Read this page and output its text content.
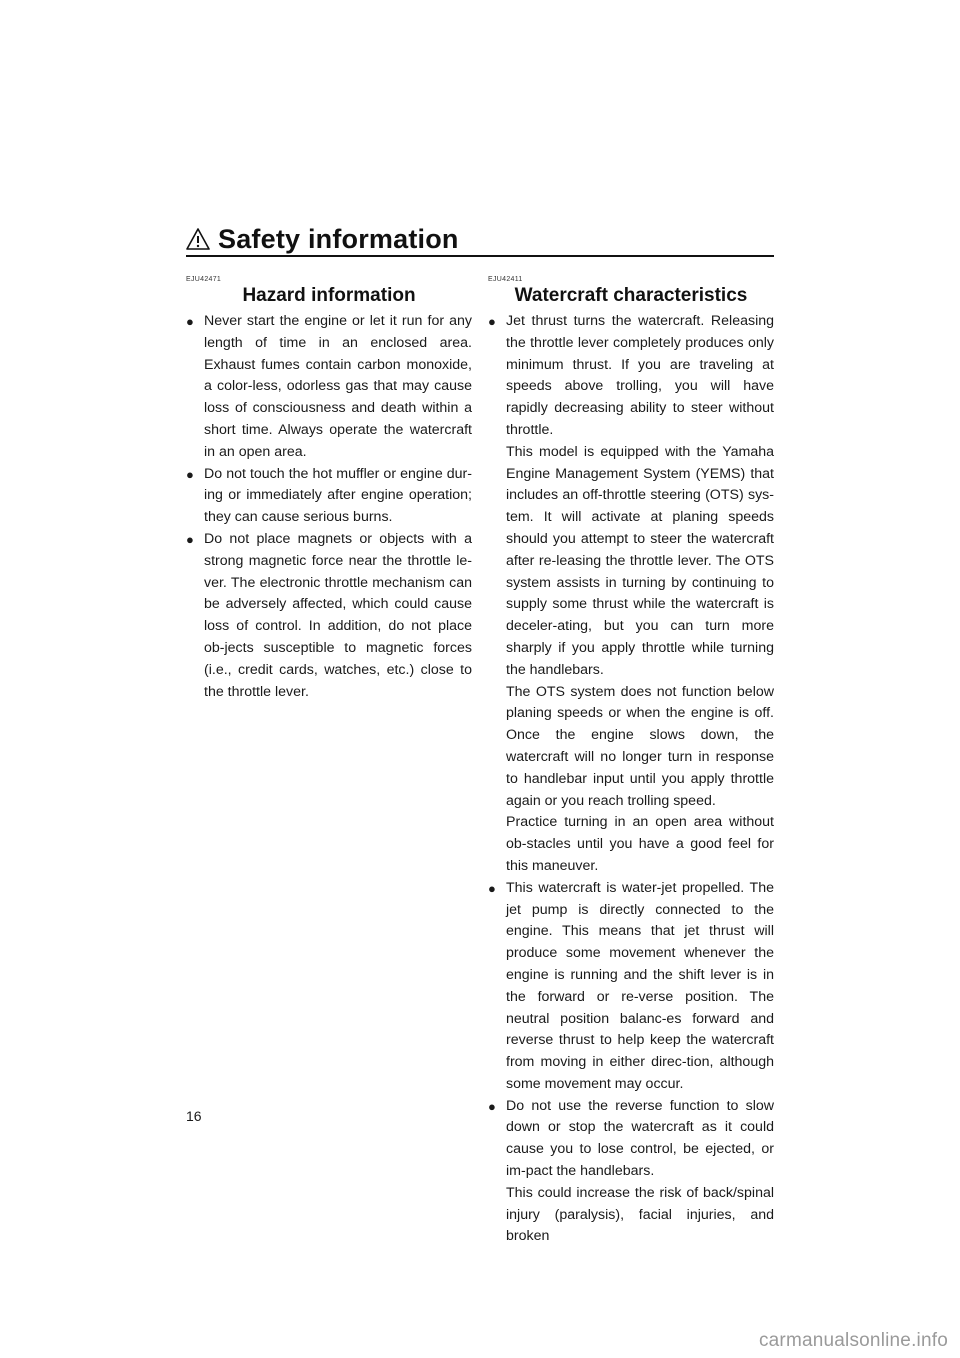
Safety information
EJU42471
Hazard information

● Never start the engine or let it run for any length of time in an enclosed area. Exhaust fumes contain carbon monoxide, a color-less, odorless gas that may cause loss of consciousness and death within a short time. Always operate the watercraft in an open area.

● Do not touch the hot muffler or engine dur-ing or immediately after engine operation; they can cause serious burns.

● Do not place magnets or objects with a strong magnetic force near the throttle le-ver. The electronic throttle mechanism can be adversely affected, which could cause loss of control. In addition, do not place ob-jects susceptible to magnetic forces (i.e., credit cards, watches, etc.) close to the throttle lever.

EJU42411
Watercraft characteristics

● Jet thrust turns the watercraft. Releasing the throttle lever completely produces only minimum thrust. If you are traveling at speeds above trolling, you will have rapidly decreasing ability to steer without throttle.

This model is equipped with the Yamaha Engine Management System (YEMS) that includes an off-throttle steering (OTS) sys-tem. It will activate at planing speeds should you attempt to steer the watercraft after re-leasing the throttle lever. The OTS system assists in turning by continuing to supply some thrust while the watercraft is deceler-ating, but you can turn more sharply if you apply throttle while turning the handlebars.

The OTS system does not function below planing speeds or when the engine is off. Once the engine slows down, the watercraft will no longer turn in response to handlebar input until you apply throttle again or you reach trolling speed.

Practice turning in an open area without ob-stacles until you have a good feel for this maneuver.

● This watercraft is water-jet propelled. The jet pump is directly connected to the engine. This means that jet thrust will produce some movement whenever the engine is running and the shift lever is in the forward or re-verse position. The neutral position balanc-es forward and reverse thrust to help keep the watercraft from moving in either direc-tion, although some movement may occur.

● Do not use the reverse function to slow down or stop the watercraft as it could cause you to lose control, be ejected, or im-pact the handlebars.

This could increase the risk of back/spinal injury (paralysis), facial injuries, and broken

16
carmanualsonline.info
